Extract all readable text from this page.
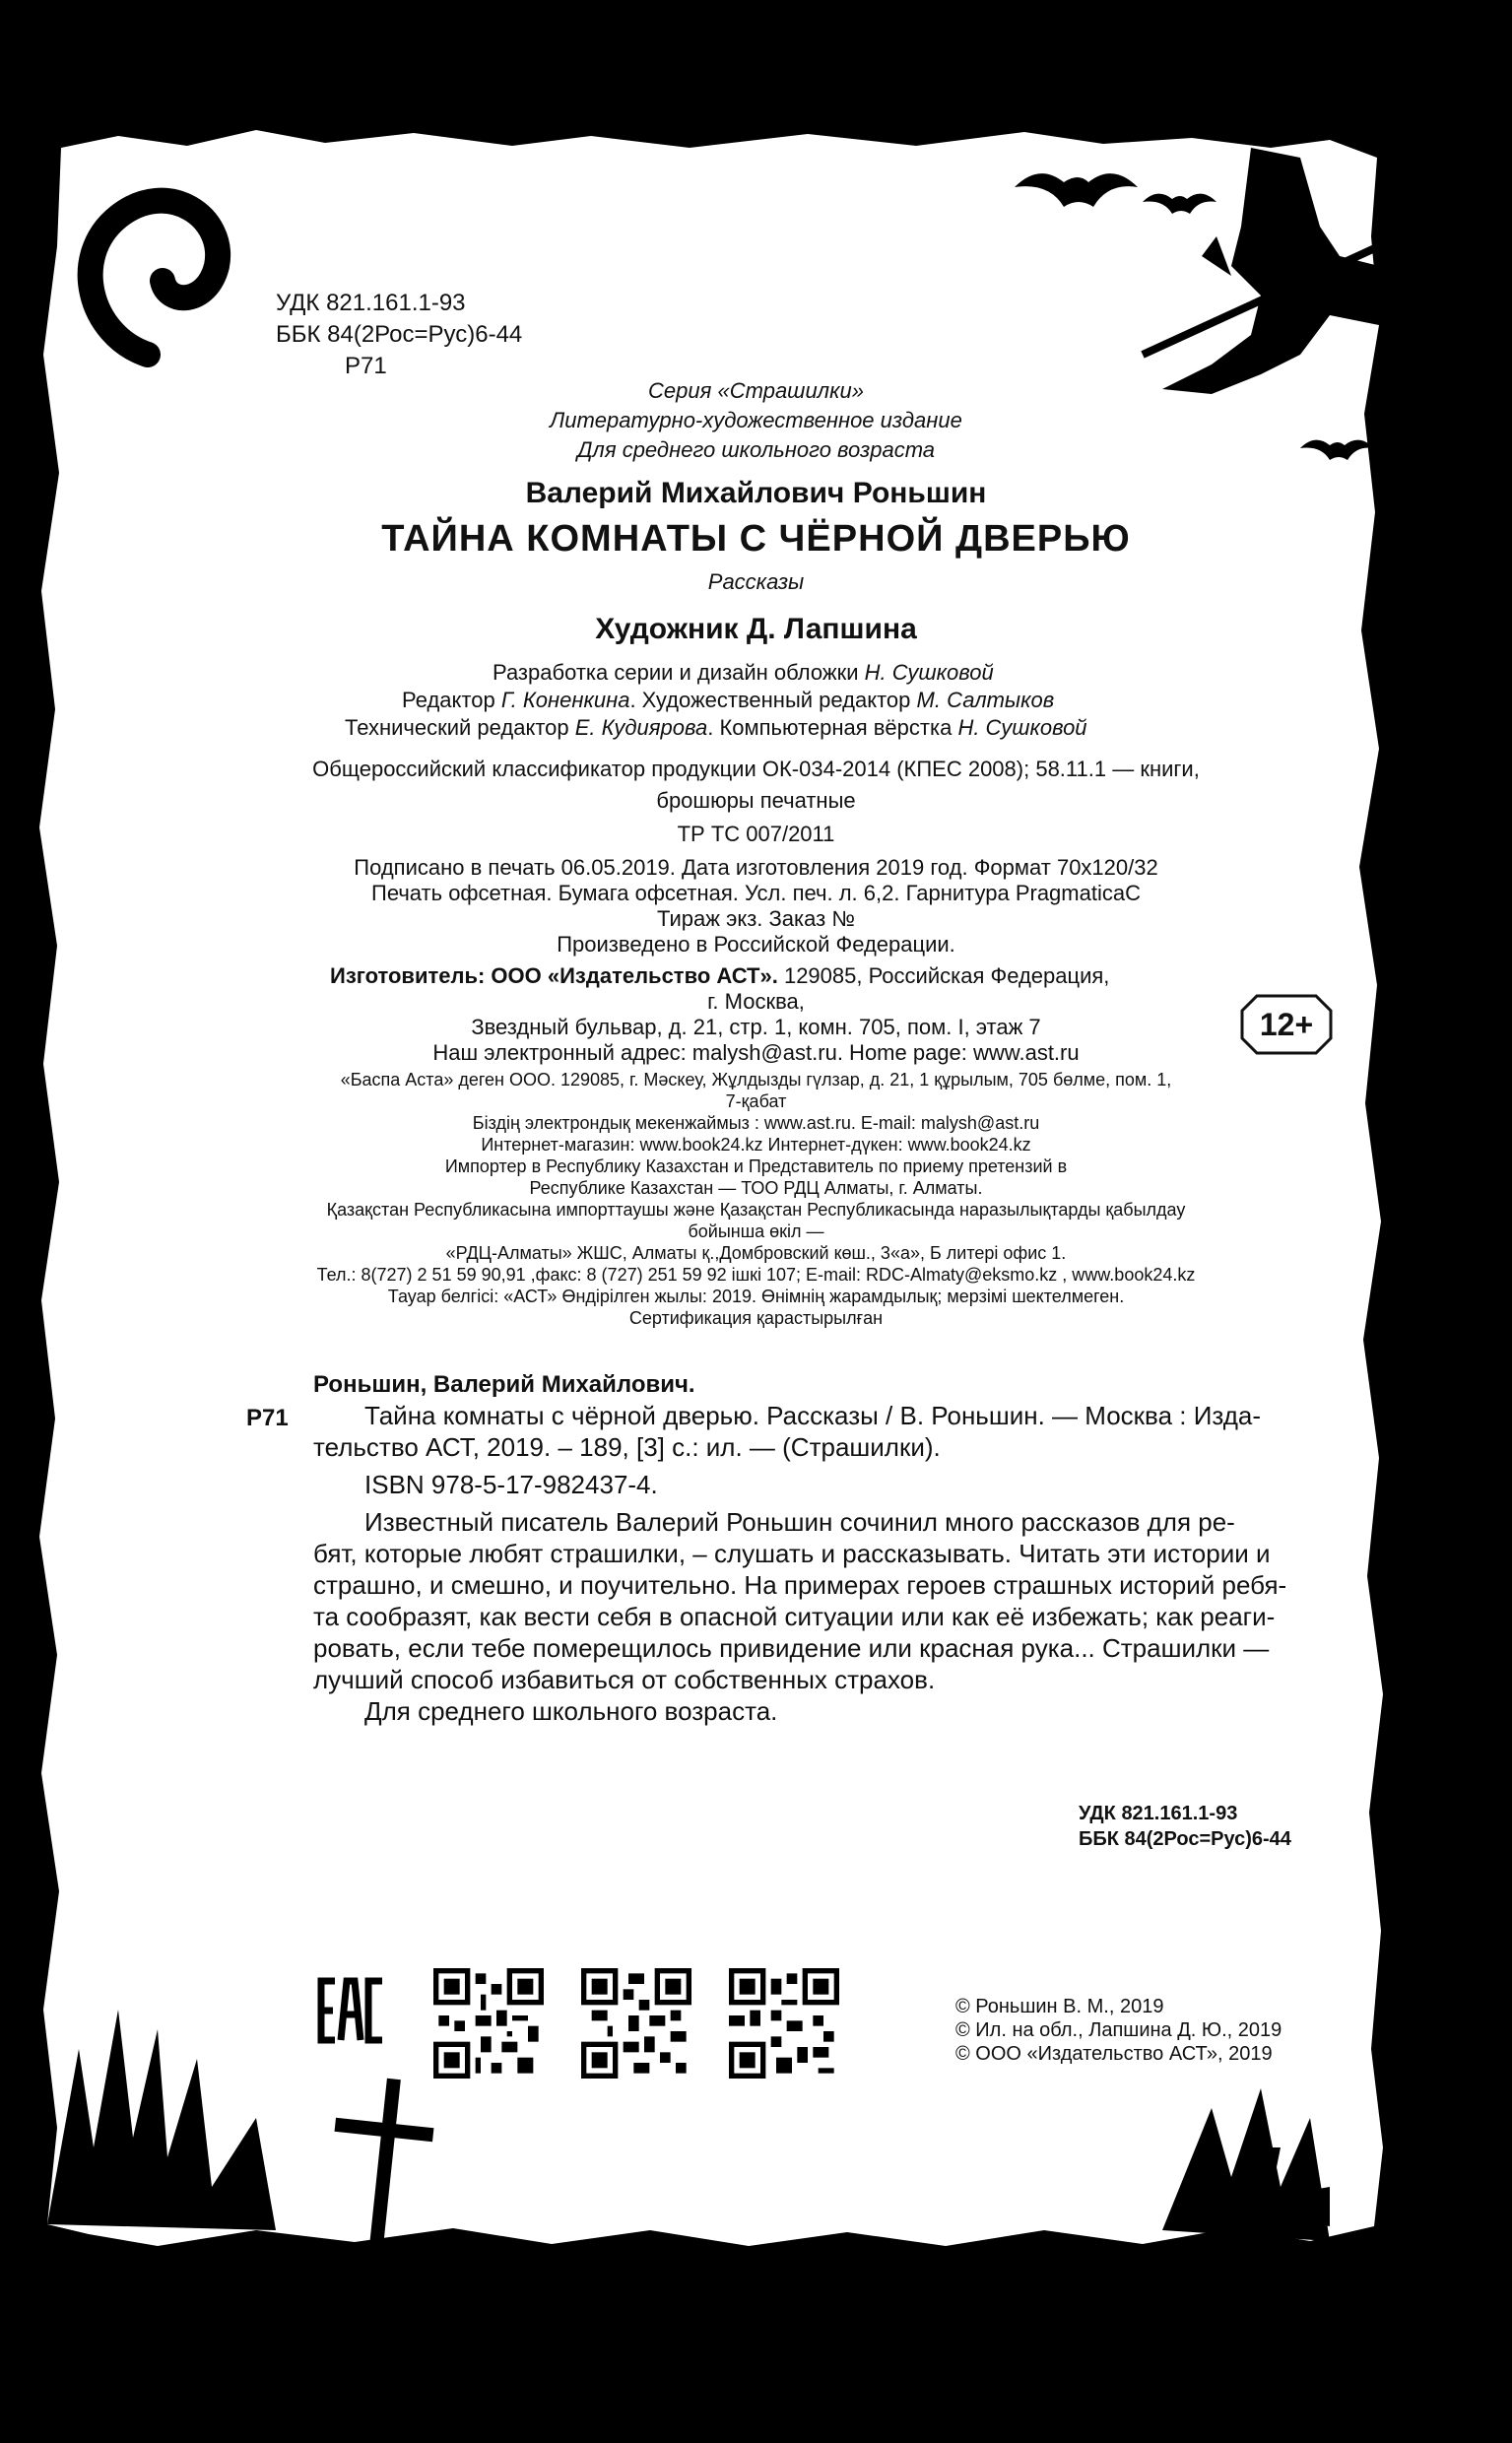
УДК 821.161.1-93
ББК 84(2Рос=Рус)6-44
Р71
Серия «Страшилки»
Литературно-художественное издание
Для среднего школьного возраста
Валерий Михайлович Роньшин
ТАЙНА КОМНАТЫ С ЧЁРНОЙ ДВЕРЬЮ
Рассказы
Художник Д. Лапшина
Разработка серии и дизайн обложки Н. Сушковой
Редактор Г. Коненкина. Художественный редактор М. Салтыков
Технический редактор Е. Кудиярова. Компьютерная вёрстка Н. Сушковой
Общероссийский классификатор продукции ОК-034-2014 (КПЕС 2008); 58.11.1 — книги,
брошюры печатные
ТР ТС 007/2011
Подписано в печать 06.05.2019. Дата изготовления 2019 год. Формат 70х120/32
Печать офсетная. Бумага офсетная. Усл. печ. л. 6,2. Гарнитура PragmaticaC
Тираж экз. Заказ №
Произведено в Российской Федерации.
Изготовитель: ООО «Издательство АСТ». 129085, Российская Федерация,
г. Москва,
Звездный бульвар, д. 21, стр. 1, комн. 705, пом. I, этаж 7
Наш электронный адрес: malysh@ast.ru. Home page: www.ast.ru
12+
«Баспа Аста» деген ООО. 129085, г. Мәскеу, Жұлдызды гүлзар, д. 21, 1 құрылым, 705 бөлме, пом. 1,
7-қабат
Біздің электрондық мекенжаймыз : www.ast.ru. E-mail: malysh@ast.ru
Интернет-магазин: www.book24.kz Интернет-дүкен: www.book24.kz
Импортер в Республику Казахстан и Представитель по приему претензий в
Республике Казахстан — ТОО РДЦ Алматы, г. Алматы.
Қазақстан Республикасына импорттаушы және Қазақстан Республикасында наразылықтарды қабылдау
бойынша өкіл —
«РДЦ-Алматы» ЖШС, Алматы қ.,Домбровский көш., 3«а», Б литері офис 1.
Тел.: 8(727) 2 51 59 90,91 ,факс: 8 (727) 251 59 92 ішкі 107; E-mail: RDC-Almaty@eksmo.kz , www.book24.kz
Тауар белгісі: «АСТ» Өндірілген жылы: 2019. Өнімнің жарамдылық; мерзімі шектелмеген.
Сертификация қарастырылған
Роньшин, Валерий Михайлович.
Р71	Тайна комнаты с чёрной дверью. Рассказы / В. Роньшин. — Москва : Изда-
тельство АСТ, 2019. – 189, [3] с.: ил. — (Страшилки).
ISBN 978-5-17-982437-4.
Известный писатель Валерий Роньшин сочинил много рассказов для ре-
бят, которые любят страшилки, – слушать и рассказывать. Читать эти истории и
страшно, и смешно, и поучительно. На примерах героев страшных историй ребя-
та сообразят, как вести себя в опасной ситуации или как её избежать; как реаги-
ровать, если тебе померещилось привидение или красная рука... Страшилки —
лучший способ избавиться от собственных страхов.
Для среднего школьного возраста.
УДК 821.161.1-93
ББК 84(2Рос=Рус)6-44
© Роньшин В. М., 2019
© Ил. на обл., Лапшина Д. Ю., 2019
© ООО «Издательство АСТ», 2019
